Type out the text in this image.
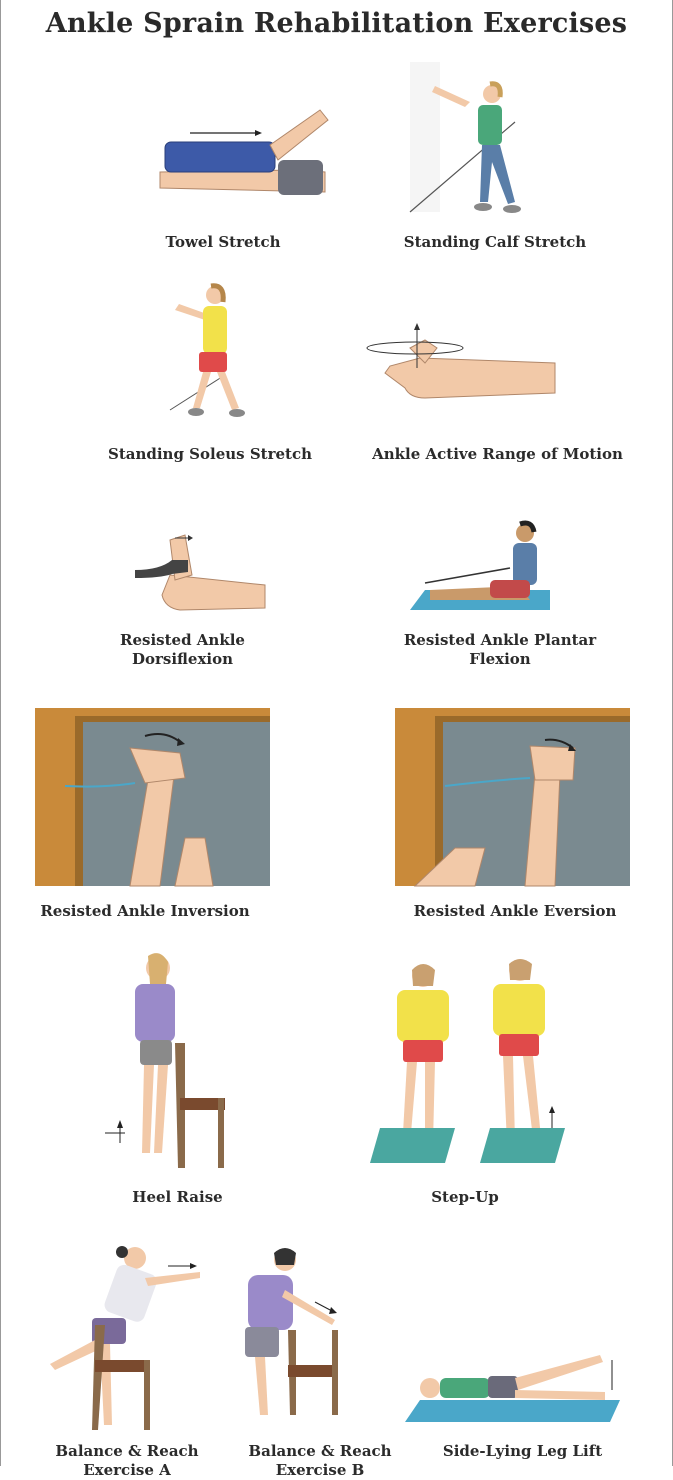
Ankle Sprain Rehabilitation Exercises
Towel Stretch	Standing Calf Stretch
Standing Soleus Stretch	Ankle Active Range of Motion
Resisted Ankle
Dorsiflexion
Resisted Ankle Plantar
Flexion
Resisted Ankle Inversion	Resisted Ankle Eversion
Heel Raise	Step-Up
Balance & Reach
Exercise A
Balance & Reach
Exercise B
Side-Lying Leg Lift
